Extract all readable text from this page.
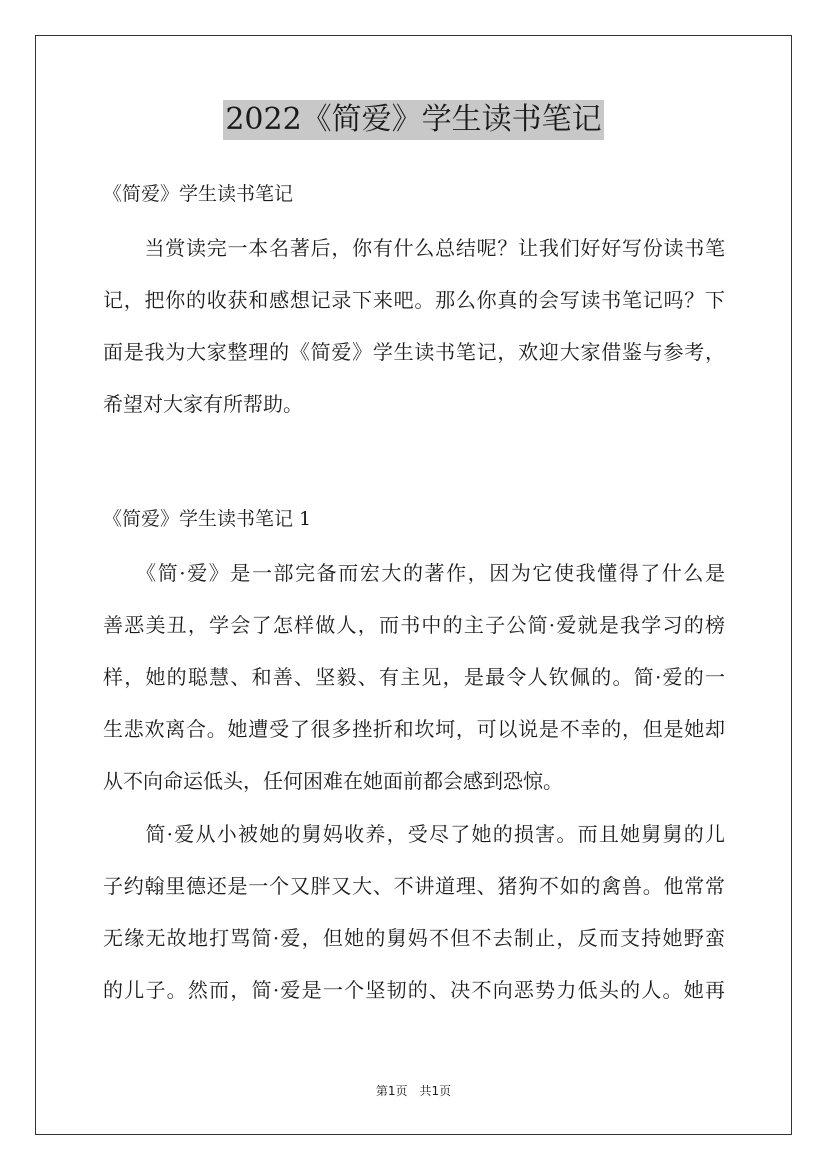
2022《简爱》学生读书笔记
《简爱》学生读书笔记
　　当赏读完一本名著后，你有什么总结呢？让我们好好写份读书笔
记，把你的收获和感想记录下来吧。那么你真的会写读书笔记吗？下
面是我为大家整理的《简爱》学生读书笔记，欢迎大家借鉴与参考，
希望对大家有所帮助。
《简爱》学生读书笔记 1
　　《简·爱》是一部完备而宏大的著作，因为它使我懂得了什么是
善恶美丑，学会了怎样做人，而书中的主子公简·爱就是我学习的榜
样，她的聪慧、和善、坚毅、有主见，是最令人钦佩的。简·爱的一
生悲欢离合。她遭受了很多挫折和坎坷，可以说是不幸的，但是她却
从不向命运低头，任何困难在她面前都会感到恐惊。
　　简·爱从小被她的舅妈收养，受尽了她的损害。而且她舅舅的儿
子约翰里德还是一个又胖又大、不讲道理、猪狗不如的禽兽。他常常
无缘无故地打骂简·爱，但她的舅妈不但不去制止，反而支持她野蛮
的儿子。然而，简·爱是一个坚韧的、决不向恶势力低头的人。她再
第1页　共1页
